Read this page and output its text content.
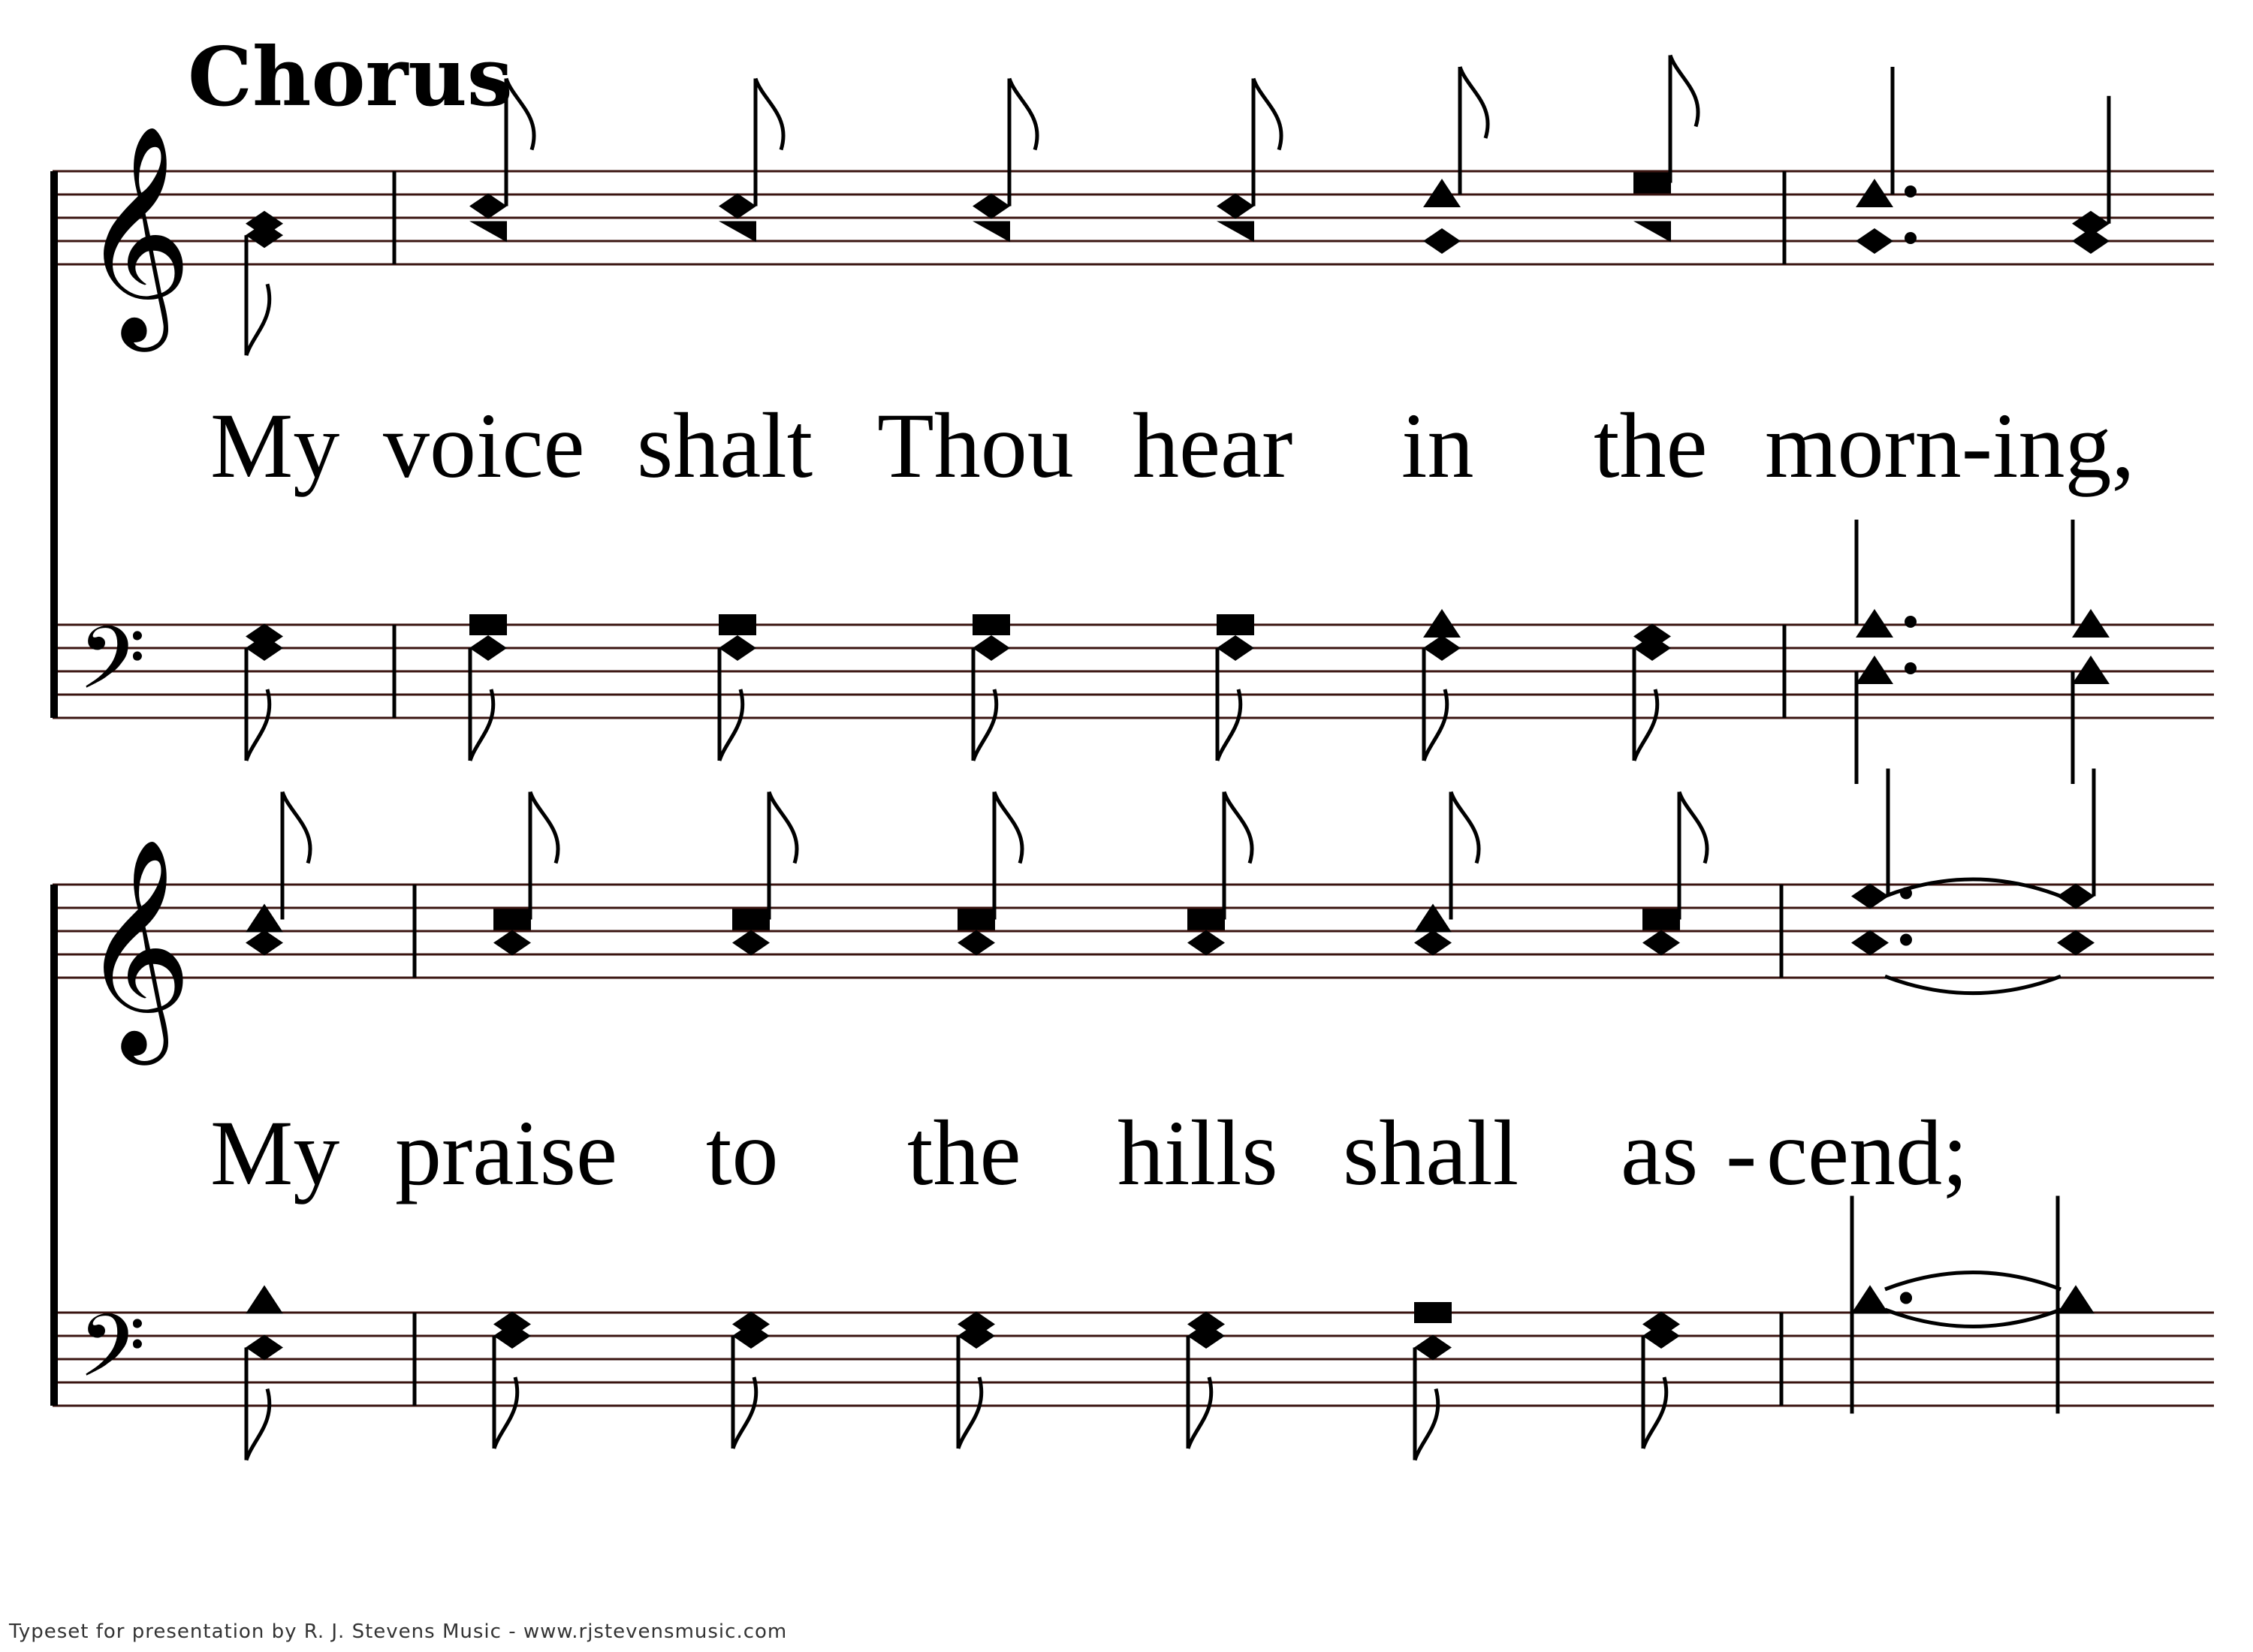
𝄞
𝄢
𝄞
𝄢
Chorus
My voice shalt Thou hear in the morn-ing,
My praise to the hills shall as - cend;
Typeset for presentation by R. J. Stevens Music - www.rjstevensmusic.com
